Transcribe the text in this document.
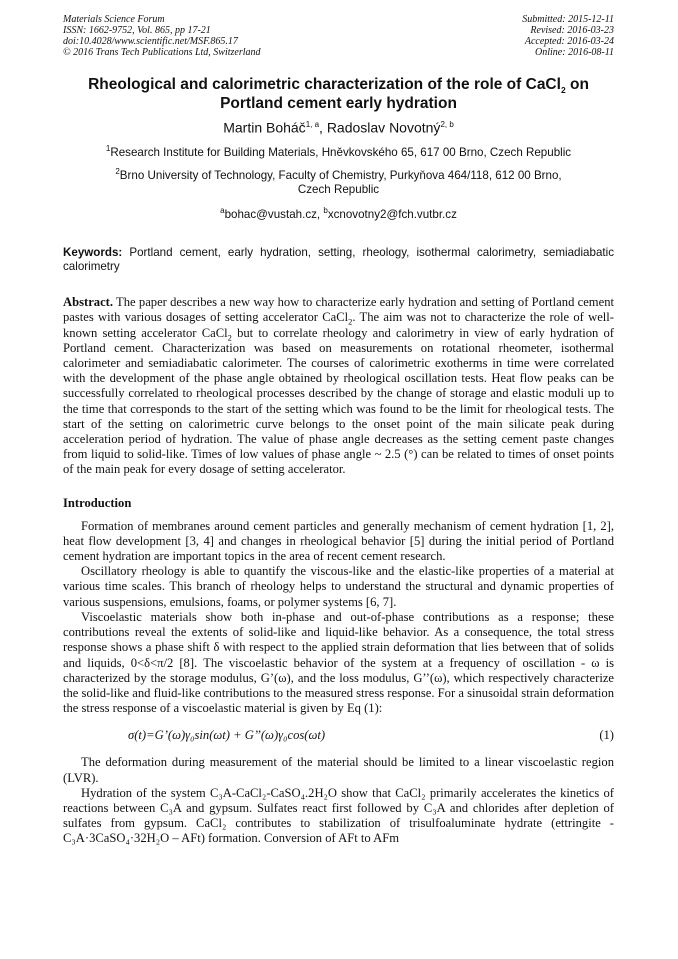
Materials Science Forum
ISSN: 1662-9752, Vol. 865, pp 17-21
doi:10.4028/www.scientific.net/MSF.865.17
© 2016 Trans Tech Publications Ltd, Switzerland
Submitted: 2015-12-11
Revised: 2016-03-23
Accepted: 2016-03-24
Online: 2016-08-11
Rheological and calorimetric characterization of the role of CaCl$_2$ on Portland cement early hydration
Martin Boháč$^{1, a}$, Radoslav Novotný$^{2, b}$
$^1$Research Institute for Building Materials, Hněvkovského 65, 617 00 Brno, Czech Republic
$^2$Brno University of Technology, Faculty of Chemistry, Purkyňova 464/118, 612 00 Brno, Czech Republic
$^a$bohac@vustah.cz, $^b$xcnovotny2@fch.vutbr.cz
Keywords: Portland cement, early hydration, setting, rheology, isothermal calorimetry, semiadiabatic calorimetry
Abstract. The paper describes a new way how to characterize early hydration and setting of Portland cement pastes with various dosages of setting accelerator CaCl$_2$. The aim was not to characterize the role of well-known setting accelerator CaCl$_2$ but to correlate rheology and calorimetry in view of early hydration of Portland cement. Characterization was based on measurements on rotational rheometer, isothermal calorimeter and semiadiabatic calorimeter. The courses of calorimetric exotherms in time were correlated with the development of the phase angle obtained by rheological oscillation tests. Heat flow peaks can be successfully correlated to rheological processes described by the change of storage and elastic moduli up to the time that corresponds to the start of the setting which was found to be the limit for rheological tests. The start of the setting on calorimetric curve belongs to the onset point of the main silicate peak during acceleration period of hydration. The value of phase angle decreases as the setting cement paste changes from liquid to solid-like. Times of low values of phase angle ~ 2.5 (°) can be related to times of onset points of the main peak for every dosage of setting accelerator.
Introduction
Formation of membranes around cement particles and generally mechanism of cement hydration [1, 2], heat flow development [3, 4] and changes in rheological behavior [5] during the initial period of Portland cement hydration are important topics in the area of recent cement research.
Oscillatory rheology is able to quantify the viscous-like and the elastic-like properties of a material at various time scales. This branch of rheology helps to understand the structural and dynamic properties of various suspensions, emulsions, foams, or polymer systems [6, 7].
Viscoelastic materials show both in-phase and out-of-phase contributions as a response; these contributions reveal the extents of solid-like and liquid-like behavior. As a consequence, the total stress response shows a phase shift δ with respect to the applied strain deformation that lies between that of solids and liquids, 0<δ<π/2 [8]. The viscoelastic behavior of the system at a frequency of oscillation - ω is characterized by the storage modulus, G’(ω), and the loss modulus, G’’(ω), which respectively characterize the solid-like and fluid-like contributions to the measured stress response. For a sinusoidal strain deformation the stress response of a viscoelastic material is given by Eq (1):
σ(t)=G’(ω)γ₀sin(ωt) + G’’(ω)γ₀cos(ωt)	(1)
The deformation during measurement of the material should be limited to a linear viscoelastic region (LVR).
Hydration of the system C₃A-CaCl₂-CaSO₄.2H₂O show that CaCl₂ primarily accelerates the kinetics of reactions between C₃A and gypsum. Sulfates react first followed by C₃A and chlorides after depletion of sulfates from gypsum. CaCl₂ contributes to stabilization of trisulfoaluminate hydrate (ettringite - C₃A·3CaSO₄·32H₂O – AFt) formation. Conversion of AFt to AFm
